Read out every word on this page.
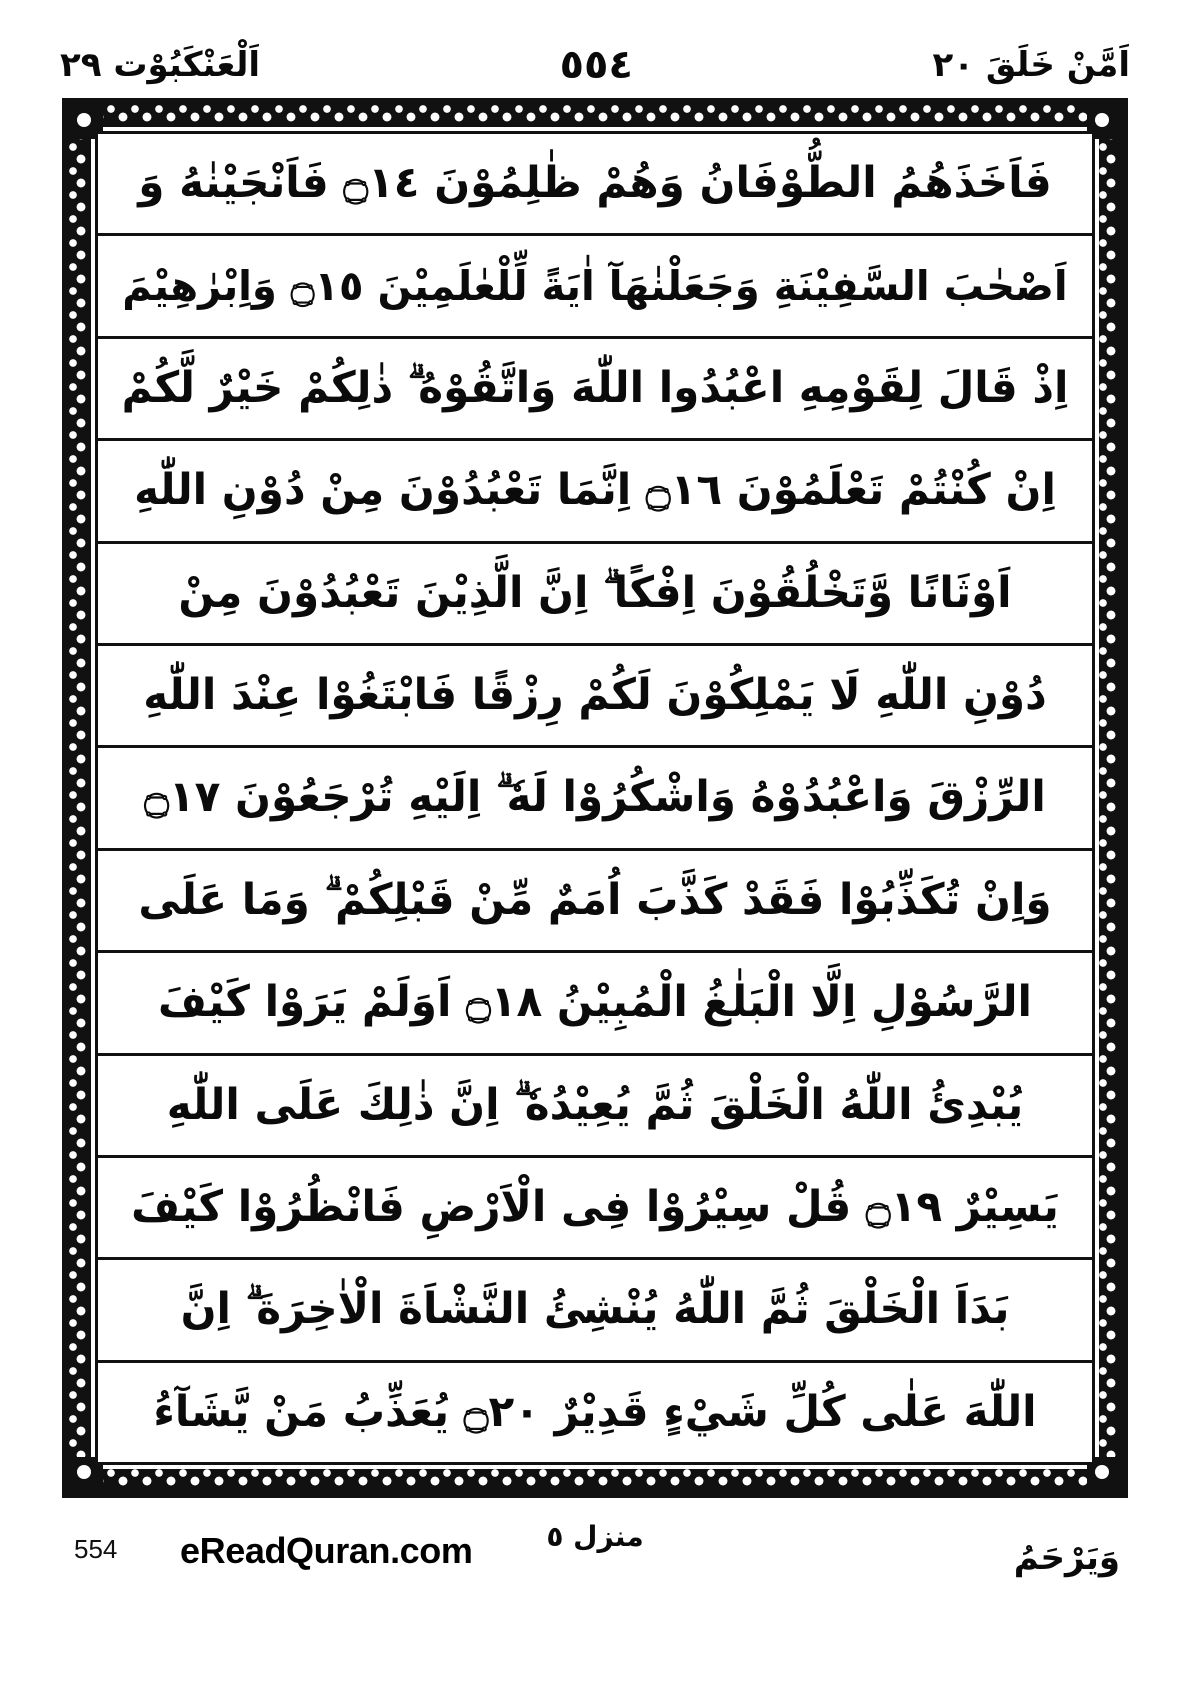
اَمَّنْ خَلَقَ ٢٠
٥٥٤
اَلْعَنْكَبُوْت ٢٩
فَاَخَذَهُمُ الطُّوْفَانُ وَهُمْ ظٰلِمُوْنَ ۝١٤ فَاَنْجَيْنٰهُ وَ
اَصْحٰبَ السَّفِيْنَةِ وَجَعَلْنٰهَآ اٰيَةً لِّلْعٰلَمِيْنَ ۝١٥ وَاِبْرٰهِيْمَ
اِذْ قَالَ لِقَوْمِهِ اعْبُدُوا اللّٰهَ وَاتَّقُوْهُ ۗ ذٰلِكُمْ خَيْرٌ لَّكُمْ
اِنْ كُنْتُمْ تَعْلَمُوْنَ ۝١٦ اِنَّمَا تَعْبُدُوْنَ مِنْ دُوْنِ اللّٰهِ
اَوْثَانًا وَّتَخْلُقُوْنَ اِفْكًا ۗ اِنَّ الَّذِيْنَ تَعْبُدُوْنَ مِنْ
دُوْنِ اللّٰهِ لَا يَمْلِكُوْنَ لَكُمْ رِزْقًا فَابْتَغُوْا عِنْدَ اللّٰهِ
الرِّزْقَ وَاعْبُدُوْهُ وَاشْكُرُوْا لَهٗ ۗ اِلَيْهِ تُرْجَعُوْنَ ۝١٧
وَاِنْ تُكَذِّبُوْا فَقَدْ كَذَّبَ اُمَمٌ مِّنْ قَبْلِكُمْ ۗ وَمَا عَلَى
الرَّسُوْلِ اِلَّا الْبَلٰغُ الْمُبِيْنُ ۝١٨ اَوَلَمْ يَرَوْا كَيْفَ
يُبْدِئُ اللّٰهُ الْخَلْقَ ثُمَّ يُعِيْدُهٗ ۗ اِنَّ ذٰلِكَ عَلَى اللّٰهِ
يَسِيْرٌ ۝١٩ قُلْ سِيْرُوْا فِى الْاَرْضِ فَانْظُرُوْا كَيْفَ
بَدَاَ الْخَلْقَ ثُمَّ اللّٰهُ يُنْشِئُ النَّشْاَةَ الْاٰخِرَةَ ۗ اِنَّ
اللّٰهَ عَلٰى كُلِّ شَيْءٍ قَدِيْرٌ ۝٢٠ يُعَذِّبُ مَنْ يَّشَآءُ
وَيَرْحَمُ
منزل ٥
eReadQuran.com
554
